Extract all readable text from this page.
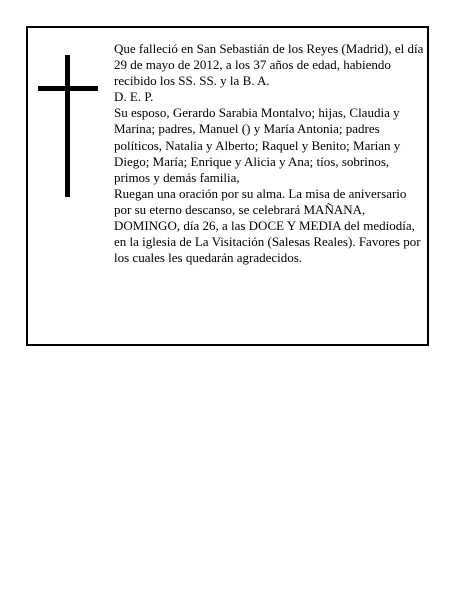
Que falleció en San Sebastián de los Reyes (Madrid), el día 29 de mayo de 2012, a los 37 años de edad, habiendo recibido los SS. SS. y la B. A.

D. E. P.

Su esposo, Gerardo Sarabia Montalvo; hijas, Claudia y Marina; padres, Manuel () y María Antonia; padres políticos, Natalia y Alberto; Raquel y Benito; Marian y Diego; María; Enrique y Alicia y Ana; tíos, sobrinos, primos y demás familia,

Ruegan una oración por su alma. La misa de aniversario por su eterno descanso, se celebrará MAÑANA, DOMINGO, día 26, a las DOCE Y MEDIA del mediodía, en la iglesia de La Visitación (Salesas Reales). Favores por los cuales les quedarán agradecidos.
